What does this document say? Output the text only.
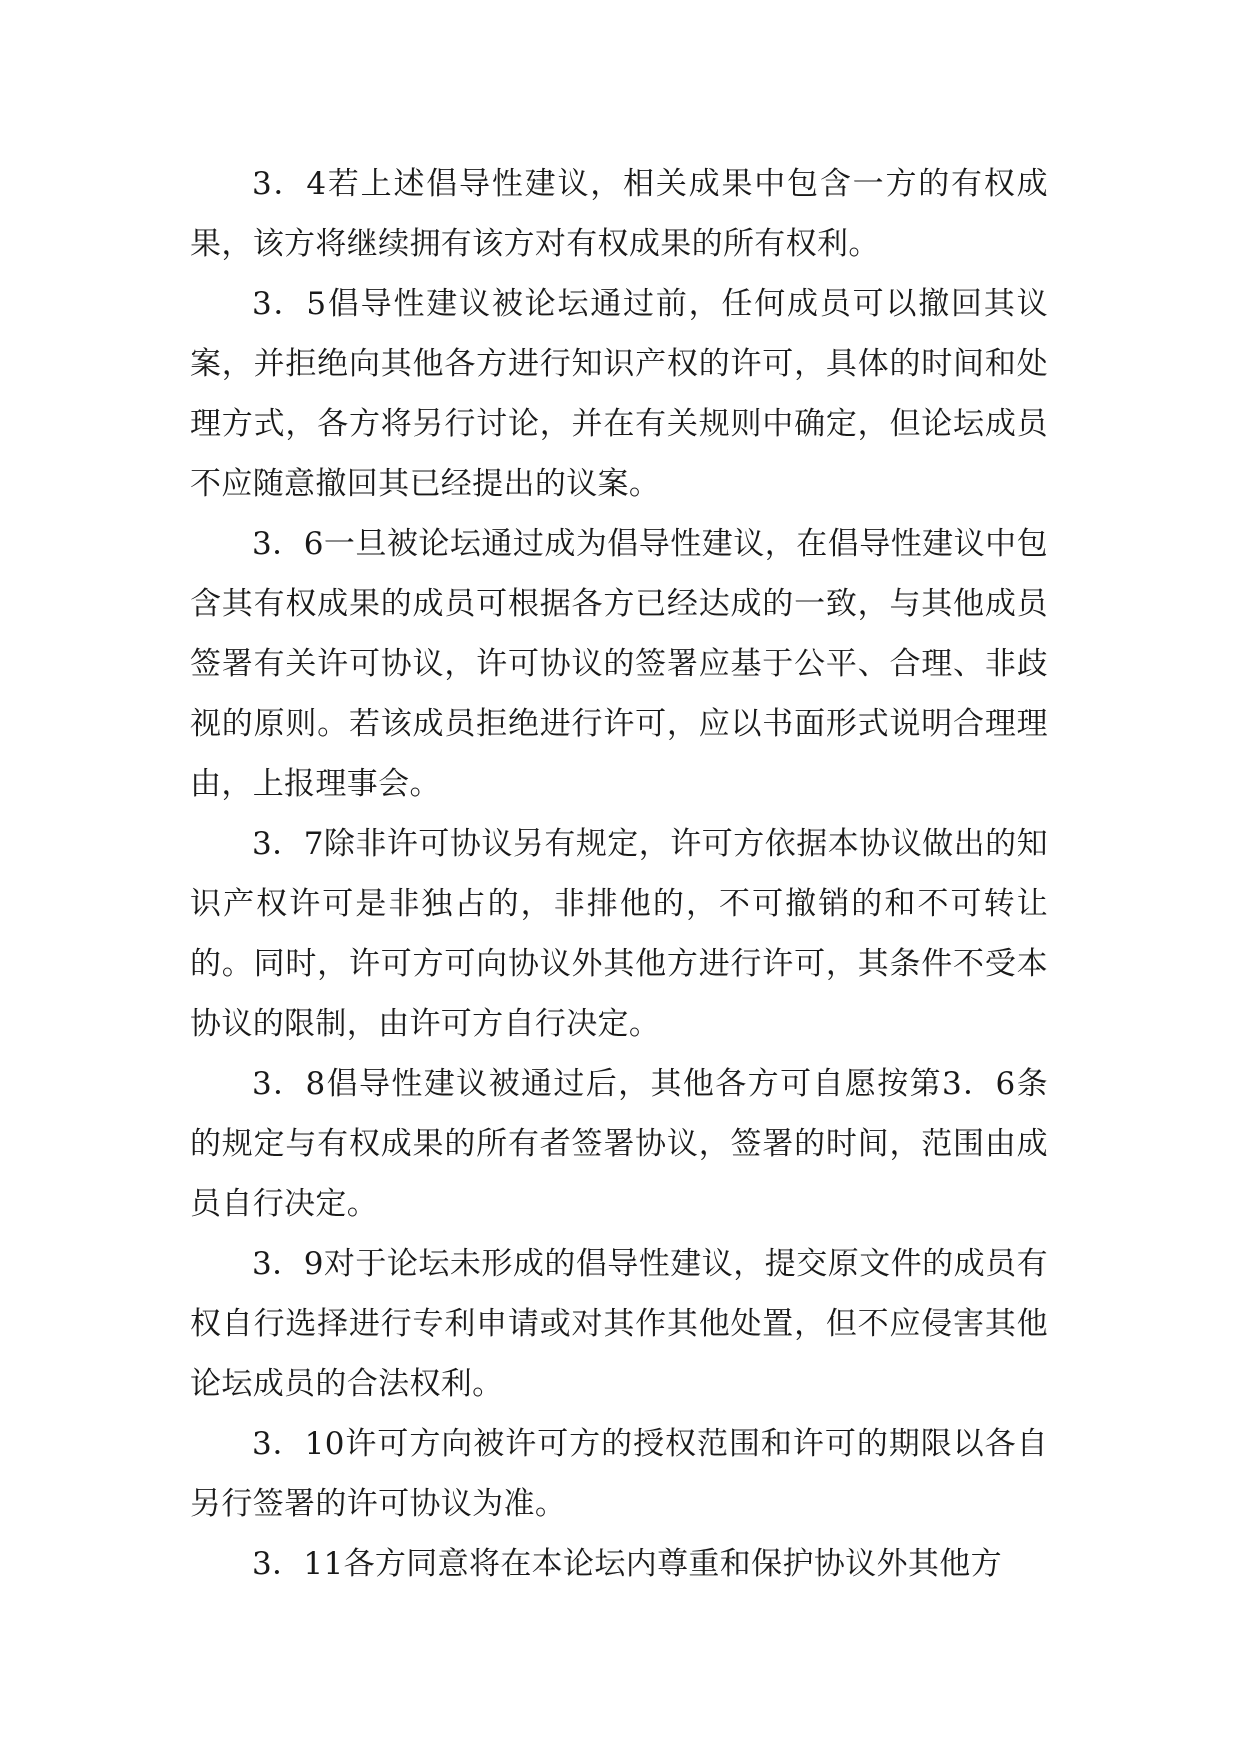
3．4若上述倡导性建议，相关成果中包含一方的有权成果，该方将继续拥有该方对有权成果的所有权利。

3．5倡导性建议被论坛通过前，任何成员可以撤回其议案，并拒绝向其他各方进行知识产权的许可，具体的时间和处理方式，各方将另行讨论，并在有关规则中确定，但论坛成员不应随意撤回其已经提出的议案。

3．6一旦被论坛通过成为倡导性建议，在倡导性建议中包含其有权成果的成员可根据各方已经达成的一致，与其他成员签署有关许可协议，许可协议的签署应基于公平、合理、非歧视的原则。若该成员拒绝进行许可，应以书面形式说明合理理由，上报理事会。

3．7除非许可协议另有规定，许可方依据本协议做出的知识产权许可是非独占的，非排他的，不可撤销的和不可转让的。同时，许可方可向协议外其他方进行许可，其条件不受本协议的限制，由许可方自行决定。

3．8倡导性建议被通过后，其他各方可自愿按第3．6条的规定与有权成果的所有者签署协议，签署的时间，范围由成员自行决定。

3．9对于论坛未形成的倡导性建议，提交原文件的成员有权自行选择进行专利申请或对其作其他处置，但不应侵害其他论坛成员的合法权利。

3．10许可方向被许可方的授权范围和许可的期限以各自另行签署的许可协议为准。

3．11各方同意将在本论坛内尊重和保护协议外其他方
